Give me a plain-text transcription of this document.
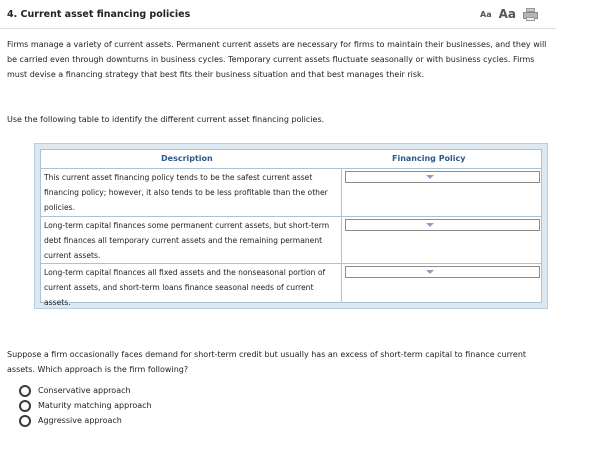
4. Current asset financing policies	Aa Aa

Firms manage a variety of current assets. Permanent current assets are necessary for firms to maintain their businesses, and they will be carried even through downturns in business cycles. Temporary current assets fluctuate seasonally or with business cycles. Firms must devise a financing strategy that best fits their business situation and that best manages their risk.

Use the following table to identify the different current asset financing policies.

Description	Financing Policy

This current asset financing policy tends to be the safest current asset financing policy; however, it also tends to be less profitable than the other policies.

Long-term capital finances some permanent current assets, but short-term debt finances all temporary current assets and the remaining permanent current assets.

Long-term capital finances all fixed assets and the nonseasonal portion of current assets, and short-term loans finance seasonal needs of current assets.

Suppose a firm occasionally faces demand for short-term credit but usually has an excess of short-term capital to finance current assets. Which approach is the firm following?

Conservative approach
Maturity matching approach
Aggressive approach
